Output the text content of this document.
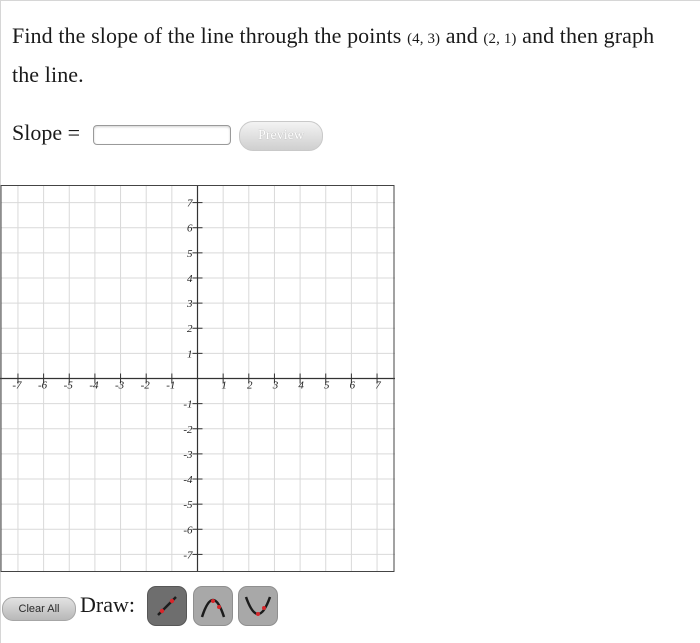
Find the slope of the line through the points (4, 3) and (2, 1) and then graph
the line.
Slope =	Preview
-7 -6 -5 -4 -3 -2 -1	1 2 3 4 5 6 7
7
6
5
4
3
2
1
-1
-2
-3
-4
-5
-6
-7
Clear All Draw:
